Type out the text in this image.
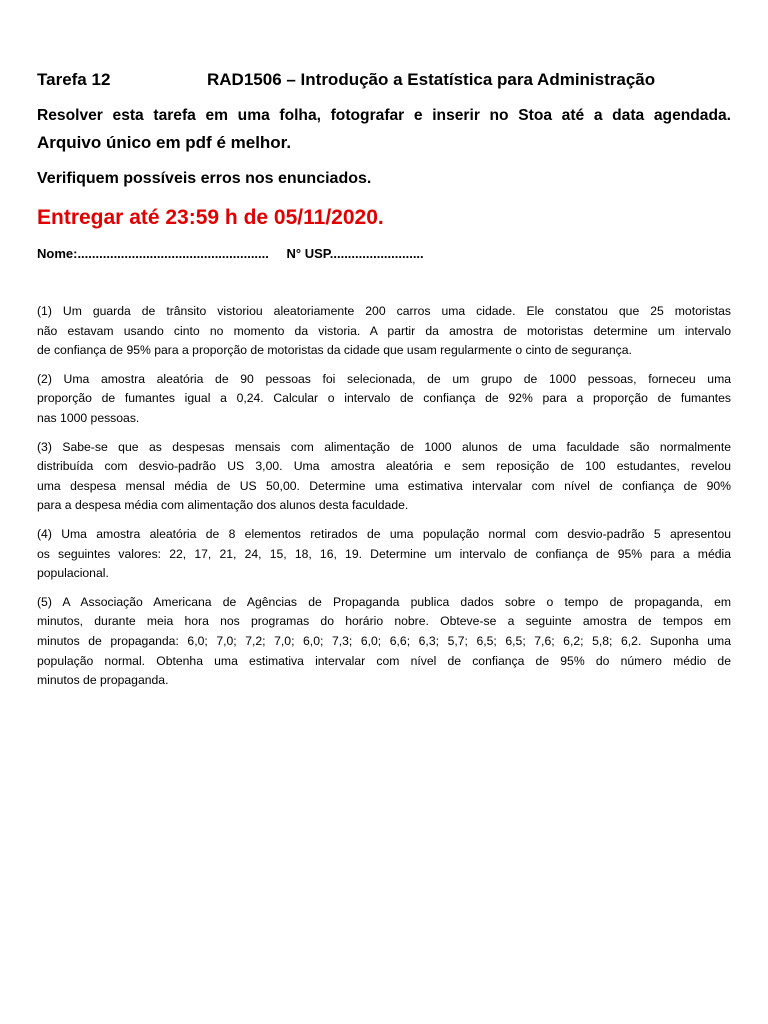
Tarefa 12	RAD1506 – Introdução a Estatística para Administração
Resolver esta tarefa em uma folha, fotografar e inserir no Stoa até a data agendada.
Arquivo único em pdf é melhor.
Verifiquem possíveis erros nos enunciados.
Entregar até 23:59 h de 05/11/2020.
Nome:..................................................... N° USP..........................
(1) Um guarda de trânsito vistoriou aleatoriamente 200 carros uma cidade. Ele constatou que 25 motoristas
não estavam usando cinto no momento da vistoria. A partir da amostra de motoristas determine um intervalo
de confiança de 95% para a proporção de motoristas da cidade que usam regularmente o cinto de segurança.
(2) Uma amostra aleatória de 90 pessoas foi selecionada, de um grupo de 1000 pessoas, forneceu uma
proporção de fumantes igual a 0,24. Calcular o intervalo de confiança de 92% para a proporção de fumantes
nas 1000 pessoas.
(3) Sabe-se que as despesas mensais com alimentação de 1000 alunos de uma faculdade são normalmente
distribuída com desvio-padrão US 3,00. Uma amostra aleatória e sem reposição de 100 estudantes, revelou
uma despesa mensal média de US 50,00. Determine uma estimativa intervalar com nível de confiança de 90%
para a despesa média com alimentação dos alunos desta faculdade.
(4) Uma amostra aleatória de 8 elementos retirados de uma população normal com desvio-padrão 5 apresentou
os seguintes valores: 22, 17, 21, 24, 15, 18, 16, 19. Determine um intervalo de confiança de 95% para a média
populacional.
(5) A Associação Americana de Agências de Propaganda publica dados sobre o tempo de propaganda, em
minutos, durante meia hora nos programas do horário nobre. Obteve-se a seguinte amostra de tempos em
minutos de propaganda: 6,0; 7,0; 7,2; 7,0; 6,0; 7,3; 6,0; 6,6; 6,3; 5,7; 6,5; 6,5; 7,6; 6,2; 5,8; 6,2. Suponha uma
população normal. Obtenha uma estimativa intervalar com nível de confiança de 95% do número médio de
minutos de propaganda.
